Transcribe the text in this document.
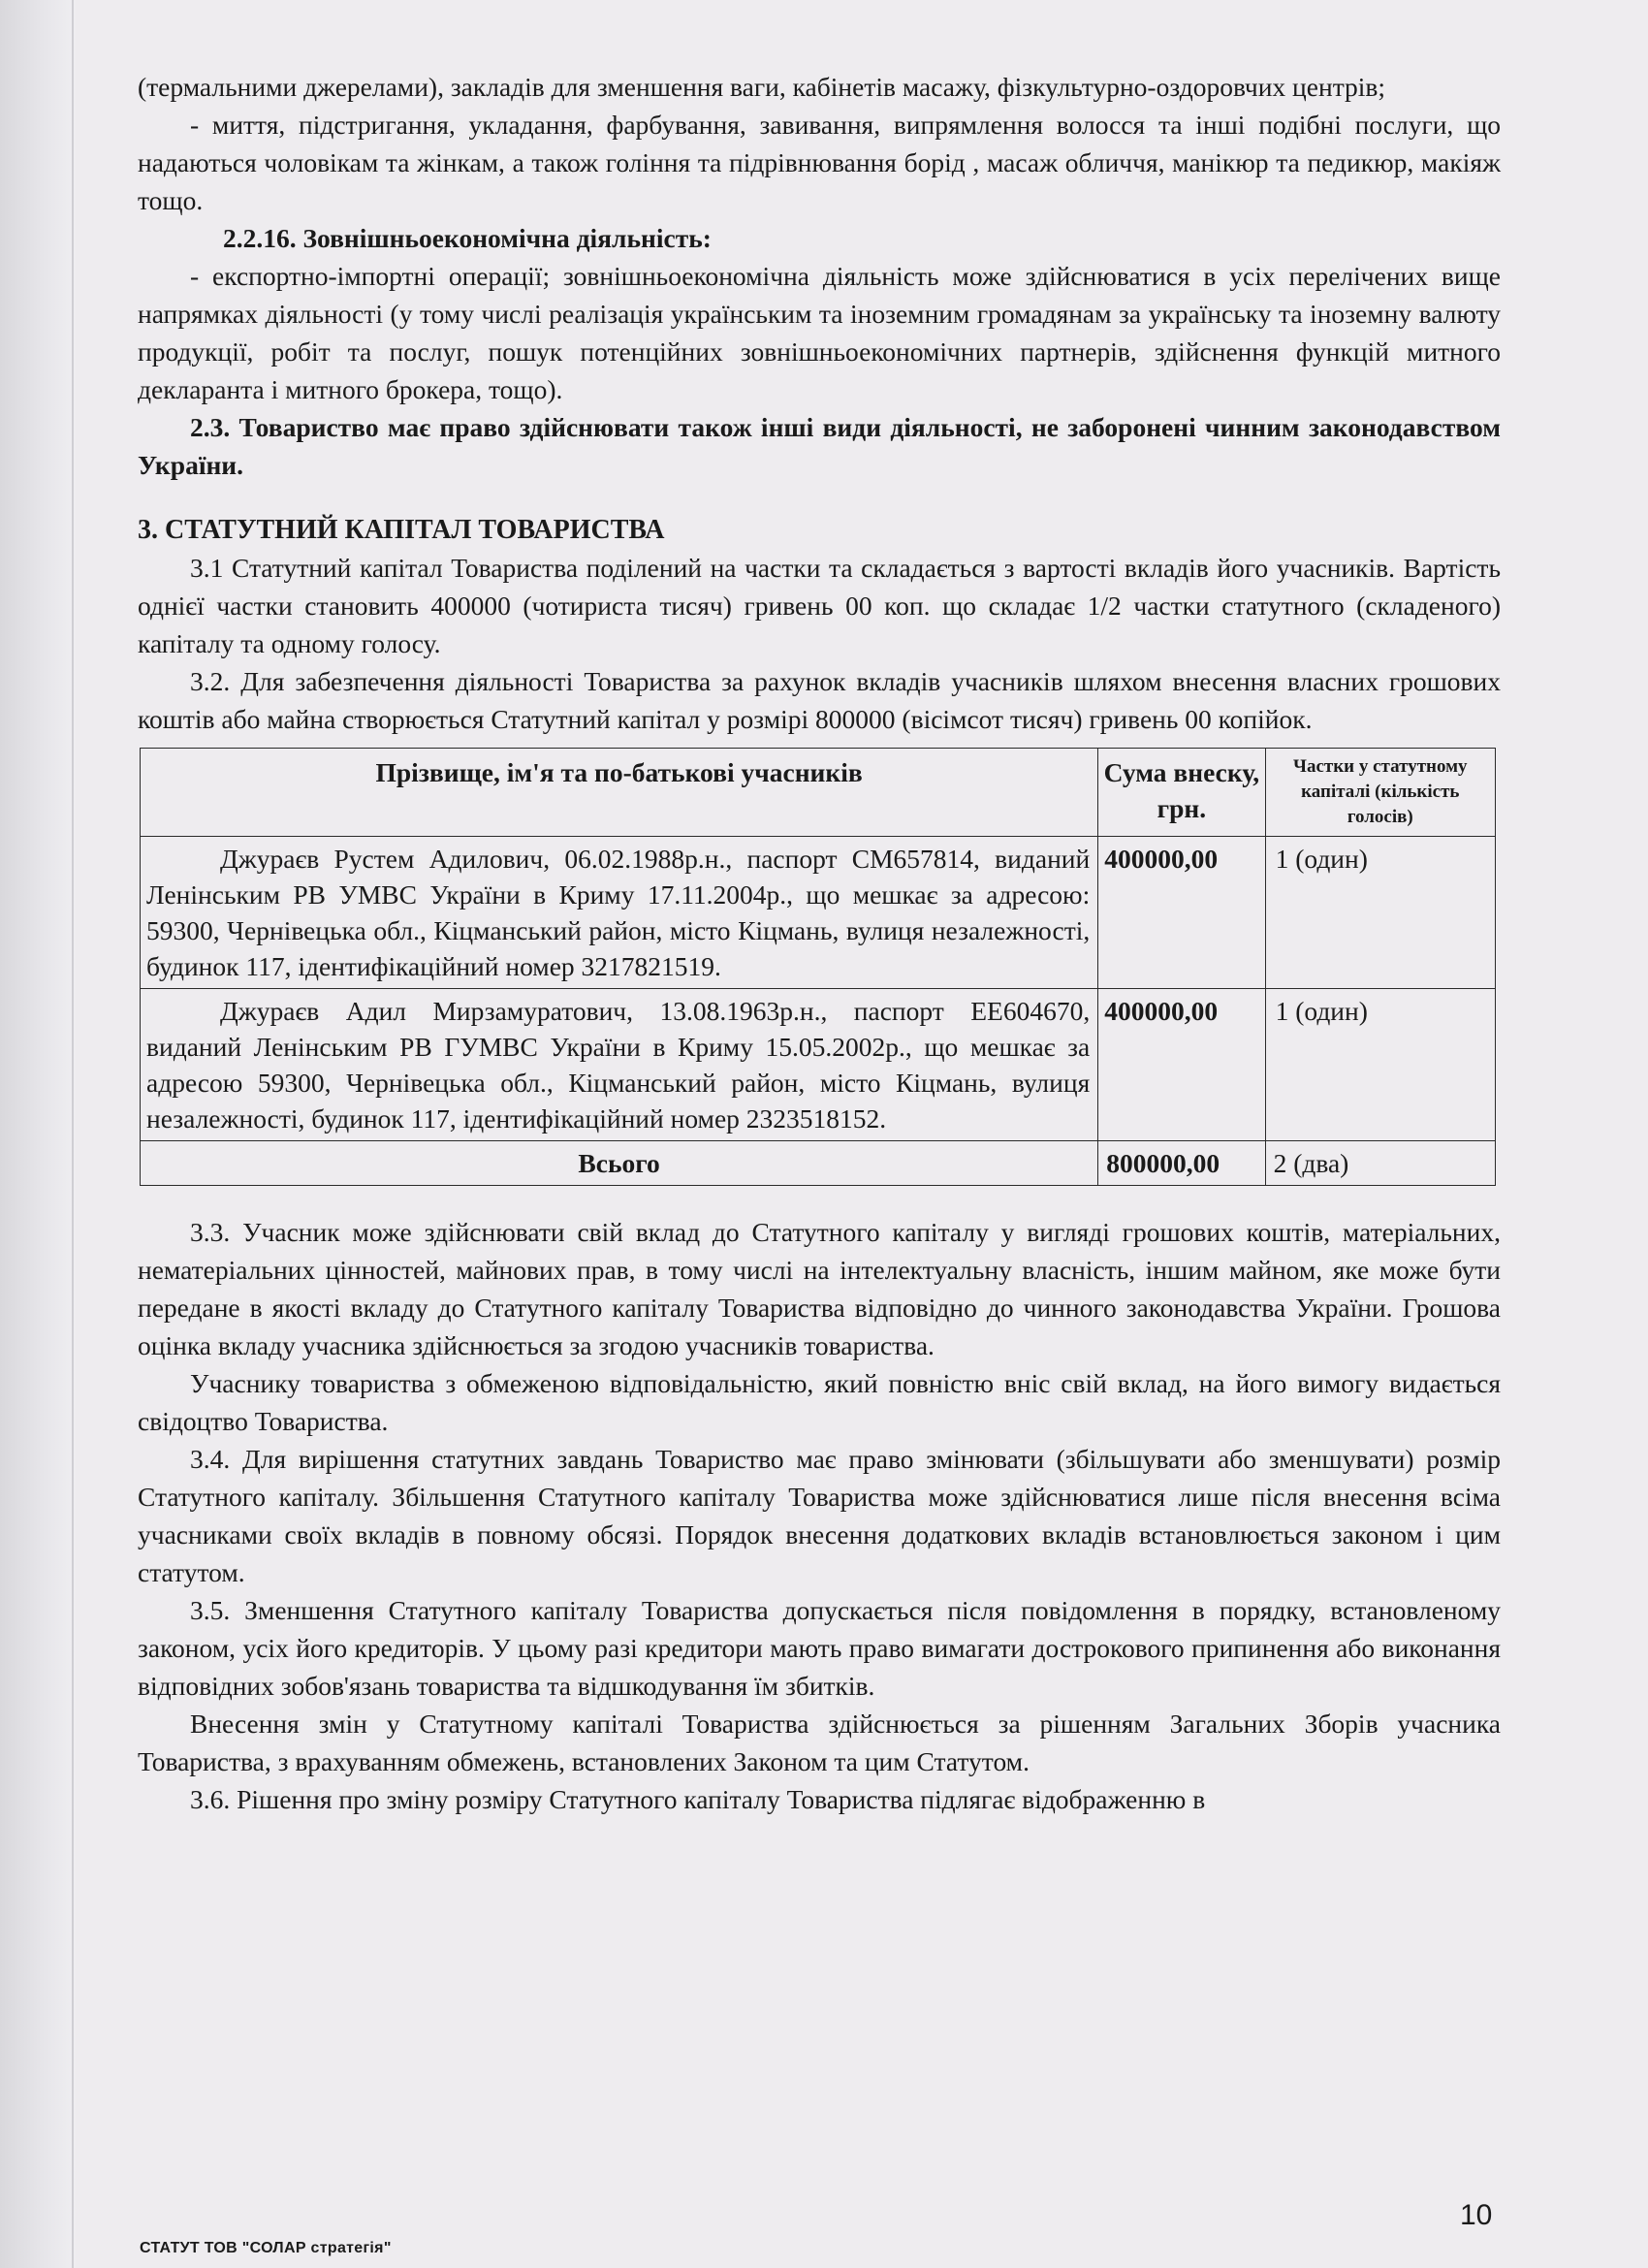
(термальними джерелами), закладів для зменшення ваги, кабінетів масажу, фізкультурно-оздоровчих центрів;

- миття, підстригання, укладання, фарбування, завивання, випрямлення волосся та інші подібні послуги, що надаються чоловікам та жінкам, а також гоління та підрівнювання борід , масаж обличчя, манікюр та педикюр, макіяж тощо.

2.2.16. Зовнішньоекономічна діяльність:

- експортно-імпортні операції; зовнішньоекономічна діяльність може здійснюватися в усіх перелічених вище напрямках діяльності (у тому числі реалізація українським та іноземним громадянам за українську та іноземну валюту продукції, робіт та послуг, пошук потенційних зовнішньоекономічних партнерів, здійснення функцій митного декларанта і митного брокера, тощо).

2.3. Товариство має право здійснювати також інші види діяльності, не заборонені чинним законодавством України.

3. СТАТУТНИЙ КАПІТАЛ ТОВАРИСТВА

3.1 Статутний капітал Товариства поділений на частки та складається з вартості вкладів його учасників. Вартість однієї частки становить 400000 (чотириста тисяч) гривень 00 коп. що складає 1/2 частки статутного (складеного) капіталу та одному голосу.

3.2. Для забезпечення діяльності Товариства за рахунок вкладів учасників шляхом внесення власних грошових коштів або майна створюється Статутний капітал у розмірі 800000 (вісімсот тисяч) гривень 00 копійок.

Прізвище, ім'я та по-батькові учасників	Сума внеску, грн.	Частки у статутному капіталі (кількість голосів)
Джураєв Рустем Адилович, 06.02.1988р.н., паспорт СМ657814, виданий Ленінським РВ УМВС України в Криму 17.11.2004р., що мешкає за адресою: 59300, Чернівецька обл., Кіцманський район, місто Кіцмань, вулиця незалежності, будинок 117, ідентифікаційний номер 3217821519.	400000,00	1 (один)
Джураєв Адил Мирзамуратович, 13.08.1963р.н., паспорт ЕЕ604670, виданий Ленінським РВ ГУМВС України в Криму 15.05.2002р., що мешкає за адресою 59300, Чернівецька обл., Кіцманський район, місто Кіцмань, вулиця незалежності, будинок 117, ідентифікаційний номер 2323518152.	400000,00	1 (один)
Всього	800000,00	2 (два)

3.3. Учасник може здійснювати свій вклад до Статутного капіталу у вигляді грошових коштів, матеріальних, нематеріальних цінностей, майнових прав, в тому числі на інтелектуальну власність, іншим майном, яке може бути передане в якості вкладу до Статутного капіталу Товариства відповідно до чинного законодавства України. Грошова оцінка вкладу учасника здійснюється за згодою учасників товариства.

Учаснику товариства з обмеженою відповідальністю, який повністю вніс свій вклад, на його вимогу видається свідоцтво Товариства.

3.4. Для вирішення статутних завдань Товариство має право змінювати (збільшувати або зменшувати) розмір Статутного капіталу. Збільшення Статутного капіталу Товариства може здійснюватися лише після внесення всіма учасниками своїх вкладів в повному обсязі. Порядок внесення додаткових вкладів встановлюється законом і цим статутом.

3.5. Зменшення Статутного капіталу Товариства допускається після повідомлення в порядку, встановленому законом, усіх його кредиторів. У цьому разі кредитори мають право вимагати дострокового припинення або виконання відповідних зобов'язань товариства та відшкодування їм збитків.

Внесення змін у Статутному капіталі Товариства здійснюється за рішенням Загальних Зборів учасника Товариства, з врахуванням обмежень, встановлених Законом та цим Статутом.

3.6. Рішення про зміну розміру Статутного капіталу Товариства підлягає відображенню в

10
СТАТУТ ТОВ "СОЛАР стратегія"
